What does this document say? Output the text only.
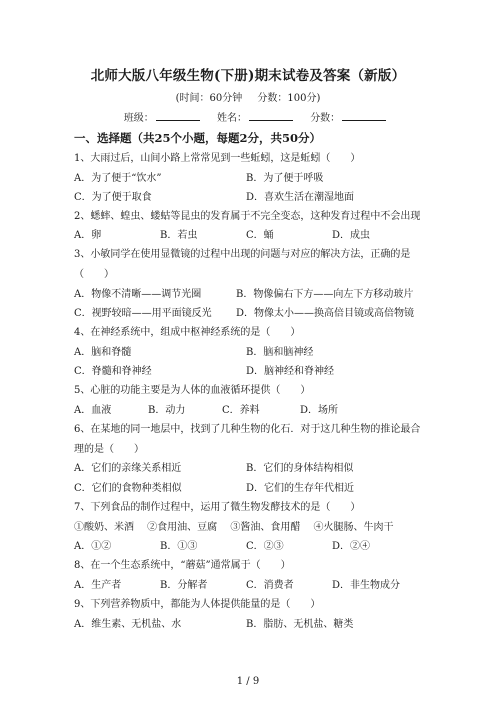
北师大版八年级生物(下册)期末试卷及答案（新版）
(时间：60分钟 分数：100分)
班级：	姓名：	分数：
一、选择题（共25个小题，每题2分，共50分）
1、大雨过后，山间小路上常常见到一些蚯蚓，这是蚯蚓（　　）
A．为了便于“饮水”	B．为了便于呼吸
C．为了便于取食	D．喜欢生活在潮湿地面
2、蟋蟀、蝗虫、蝼蛄等昆虫的发育属于不完全变态，这种发育过程中不会出现
A．卵	B．若虫	C．蛹	D．成虫
3、小敏同学在使用显微镜的过程中出现的问题与对应的解决方法，正确的是
（　　）
A．物像不清晰——调节光圈	B．物像偏右下方——向左下方移动玻片
C．视野较暗——用平面镜反光 D．物像太小——换高倍目镜或高倍物镜
4、在神经系统中，组成中枢神经系统的是（　　）
A．脑和脊髓	B．脑和脑神经
C．脊髓和脊神经	D．脑神经和脊神经
5、心脏的功能主要是为人体的血液循环提供（　　）
A．血液	B．动力	C．养料	D．场所
6、在某地的同一地层中，找到了几种生物的化石．对于这几种生物的推论最合
理的是（　　）
A．它们的亲缘关系相近	B．它们的身体结构相似
C．它们的食物种类相似	D．它们的生存年代相近
7、下列食品的制作过程中，运用了微生物发酵技术的是（　　）
①酸奶、米酒　 ②食用油、豆腐　 ③酱油、食用醋　 ④火腿肠、牛肉干
A．①②	B．①③	C．②③	D．②④
8、在一个生态系统中，“蘑菇”通常属于（　　）
A．生产者	B．分解者	C．消费者	D．非生物成分
9、下列营养物质中，都能为人体提供能量的是（　　）
A．维生素、无机盐、水	B．脂肪、无机盐、糖类
1 / 9
